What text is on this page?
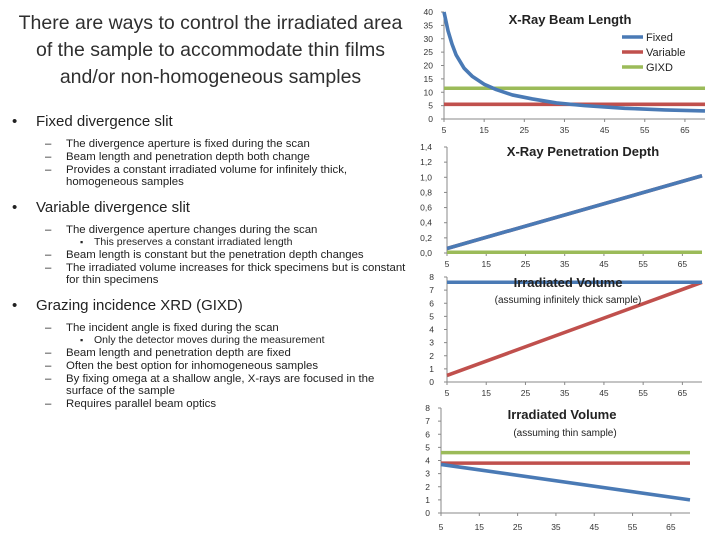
There are ways to control the irradiated area of the sample to accommodate thin films and/or non-homogeneous samples
• Fixed divergence slit
– The divergence aperture is fixed during the scan
– Beam length and penetration depth both change
– Provides a constant irradiated volume for infinitely thick, homogeneous samples
• Variable divergence slit
– The divergence aperture changes during the scan
▪ This preserves a constant irradiated length
– Beam length is constant but the penetration depth changes
– The irradiated volume increases for thick specimens but is constant for thin specimens
• Grazing incidence XRD (GIXD)
– The incident angle is fixed during the scan
▪ Only the detector moves during the measurement
– Beam length and penetration depth are fixed
– Often the best option for inhomogeneous samples
– By fixing omega at a shallow angle, X-rays are focused in the surface of the sample
– Requires parallel beam optics
0
5
10
15
20
25
30
35
40
5	15	25	35	45	55	65
X-Ray Beam Length
Fixed
Variable
GIXD
0,0
0,2
0,4
0,6
0,8
1,0
1,2
1,4
5	15	25	35	45	55	65
X-Ray Penetration Depth
0
1
2
3
4
5
6
7
8
5	15	25	35	45	55	65
Irradiated Volume
(assuming infinitely thick sample)
0
1
2
3
4
5
6
7
8
5	15	25	35	45	55	65
Irradiated Volume
(assuming thin sample)
